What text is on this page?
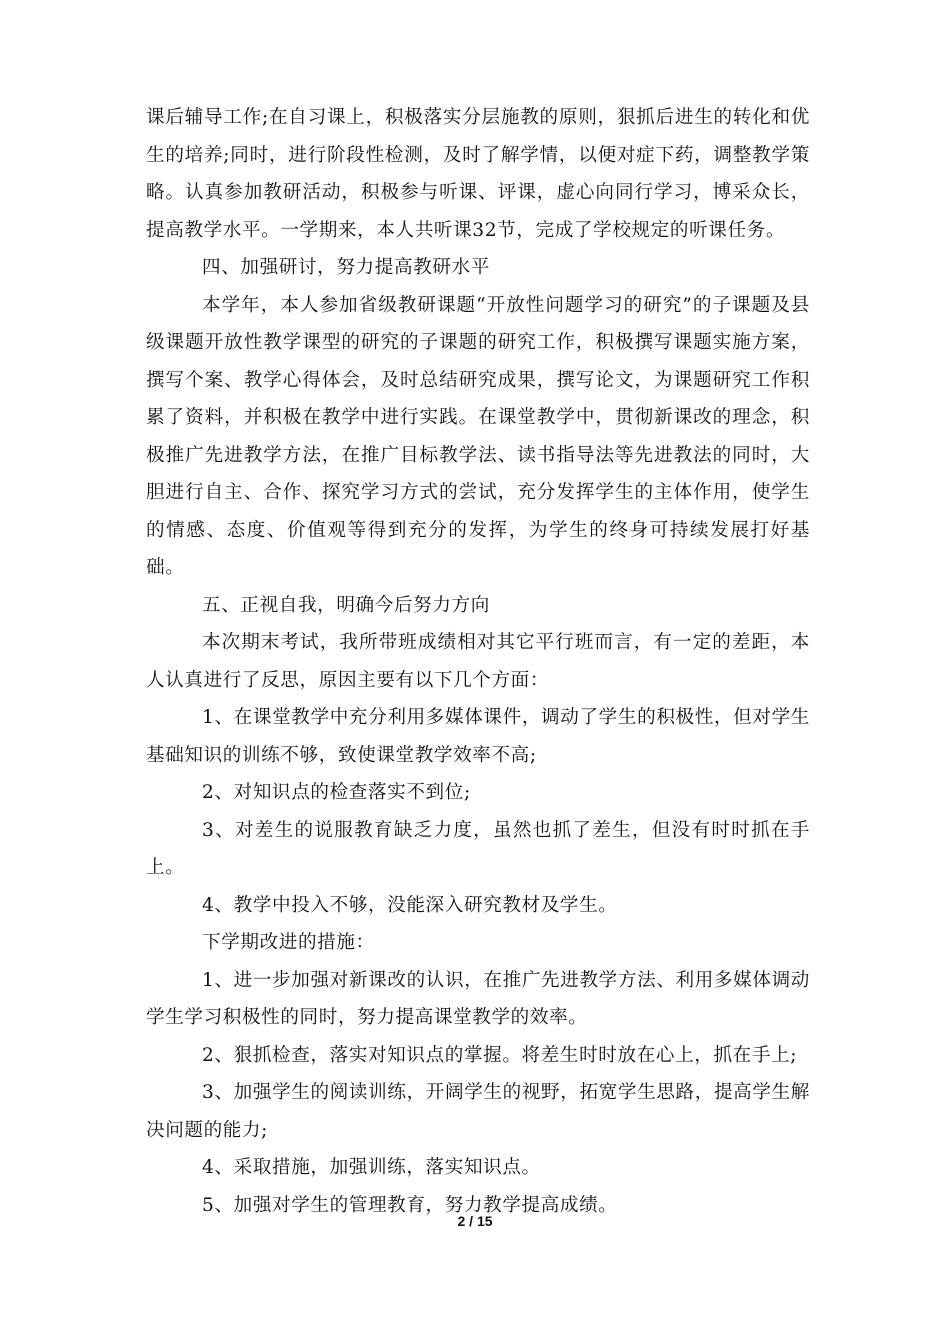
课后辅导工作;在自习课上，积极落实分层施教的原则，狠抓后进生的转化和优生的培养;同时，进行阶段性检测，及时了解学情，以便对症下药，调整教学策略。认真参加教研活动，积极参与听课、评课，虚心向同行学习，博采众长，提高教学水平。一学期来，本人共听课32节，完成了学校规定的听课任务。

四、加强研讨，努力提高教研水平

本学年，本人参加省级教研课题“开放性问题学习的研究”的子课题及县级课题开放性教学课型的研究的子课题的研究工作，积极撰写课题实施方案，撰写个案、教学心得体会，及时总结研究成果，撰写论文，为课题研究工作积累了资料，并积极在教学中进行实践。在课堂教学中，贯彻新课改的理念，积极推广先进教学方法，在推广目标教学法、读书指导法等先进教法的同时，大胆进行自主、合作、探究学习方式的尝试，充分发挥学生的主体作用，使学生的情感、态度、价值观等得到充分的发挥，为学生的终身可持续发展打好基础。

五、正视自我，明确今后努力方向

本次期末考试，我所带班成绩相对其它平行班而言，有一定的差距，本人认真进行了反思，原因主要有以下几个方面：

1、在课堂教学中充分利用多媒体课件，调动了学生的积极性，但对学生基础知识的训练不够，致使课堂教学效率不高;

2、对知识点的检查落实不到位;

3、对差生的说服教育缺乏力度，虽然也抓了差生，但没有时时抓在手上。

4、教学中投入不够，没能深入研究教材及学生。

下学期改进的措施：

1、进一步加强对新课改的认识，在推广先进教学方法、利用多媒体调动学生学习积极性的同时，努力提高课堂教学的效率。

2、狠抓检查，落实对知识点的掌握。将差生时时放在心上，抓在手上;

3、加强学生的阅读训练，开阔学生的视野，拓宽学生思路，提高学生解决问题的能力;

4、采取措施，加强训练，落实知识点。

5、加强对学生的管理教育，努力教学提高成绩。

2 / 15
